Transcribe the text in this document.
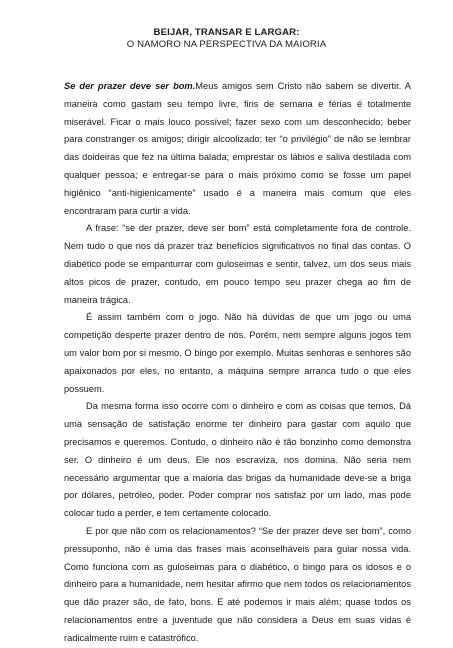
BEIJAR, TRANSAR E LARGAR:
O NAMORO NA PERSPECTIVA DA MAIORIA

Se der prazer deve ser bom.Meus amigos sem Cristo não sabem se divertir. A maneira como gastam seu tempo livre, fins de semana e férias é totalmente miserável. Ficar o mais louco possível; fazer sexo com um desconhecido; beber para constranger os amigos; dirigir alcoolizado; ter “o privilégio” de não se lembrar das doideiras que fez na última balada; emprestar os lábios e saliva destilada com qualquer pessoa; e entregar-se para o mais próximo como se fosse um papel higiênico “anti-higienicamente” usado é a maneira mais comum que eles encontraram para curtir a vida.

A frase: “se der prazer, deve ser bom” está completamente fora de controle. Nem tudo o que nos dá prazer traz benefícios significativos no final das contas. O diabético pode se empanturrar com guloseimas e sentir, talvez, um dos seus mais altos picos de prazer, contudo, em pouco tempo seu prazer chega ao fim de maneira trágica.

É assim também com o jogo. Não há dúvidas de que um jogo ou uma competição desperte prazer dentro de nós. Porém, nem sempre alguns jogos tem um valor bom por si mesmo. O bingo por exemplo. Muitas senhoras e senhores são apaixonados por eles, no entanto, a máquina sempre arranca tudo o que eles possuem.

Da mesma forma isso ocorre com o dinheiro e com as coisas que temos. Dá uma sensação de satisfação enorme ter dinheiro para gastar com aquilo que precisamos e queremos. Contudo, o dinheiro não é tão bonzinho como demonstra ser. O dinheiro é um deus. Ele nos escraviza, nos domina. Não seria nem necessário argumentar que a maioria das brigas da humanidade deve-se a briga por dólares, petróleo, poder. Poder comprar nos satisfaz por um lado, mas pode colocar tudo a perder, e tem certamente colocado.

E por que não com os relacionamentos? “Se der prazer deve ser bom”, como pressuponho, não é uma das frases mais aconselháveis para guiar nossa vida. Como funciona com as guloseimas para o diabético, o bingo para os idosos e o dinheiro para a humanidade, nem hesitar afirmo que nem todos os relacionamentos que dão prazer são, de fato, bons. E até podemos ir mais além; quase todos os relacionamentos entre a juventude que não considera a Deus em suas vidas é radicalmente ruim e catastrófico.
